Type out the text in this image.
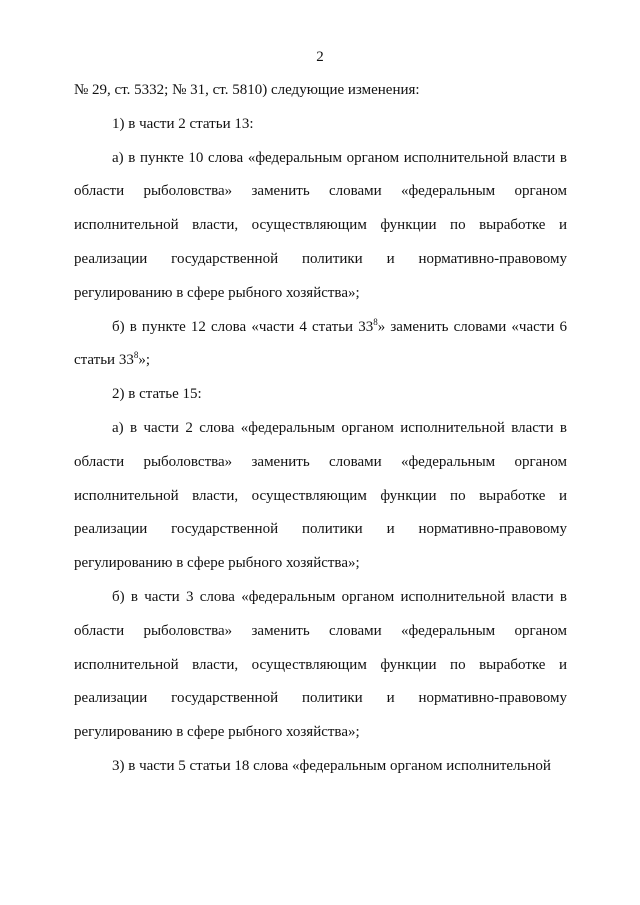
2

№ 29, ст. 5332; № 31, ст. 5810) следующие изменения:

1) в части 2 статьи 13:

а) в пункте 10 слова «федеральным органом исполнительной власти в области рыболовства» заменить словами «федеральным органом исполнительной власти, осуществляющим функции по выработке и реализации государственной политики и нормативно-правовому регулированию в сфере рыбного хозяйства»;

б) в пункте 12 слова «части 4 статьи $33^8$» заменить словами «части 6 статьи $33^8$»;

2) в статье 15:

а) в части 2 слова «федеральным органом исполнительной власти в области рыболовства» заменить словами «федеральным органом исполнительной власти, осуществляющим функции по выработке и реализации государственной политики и нормативно-правовому регулированию в сфере рыбного хозяйства»;

б) в части 3 слова «федеральным органом исполнительной власти в области рыболовства» заменить словами «федеральным органом исполнительной власти, осуществляющим функции по выработке и реализации государственной политики и нормативно-правовому регулированию в сфере рыбного хозяйства»;

3) в части 5 статьи 18 слова «федеральным органом исполнительной
